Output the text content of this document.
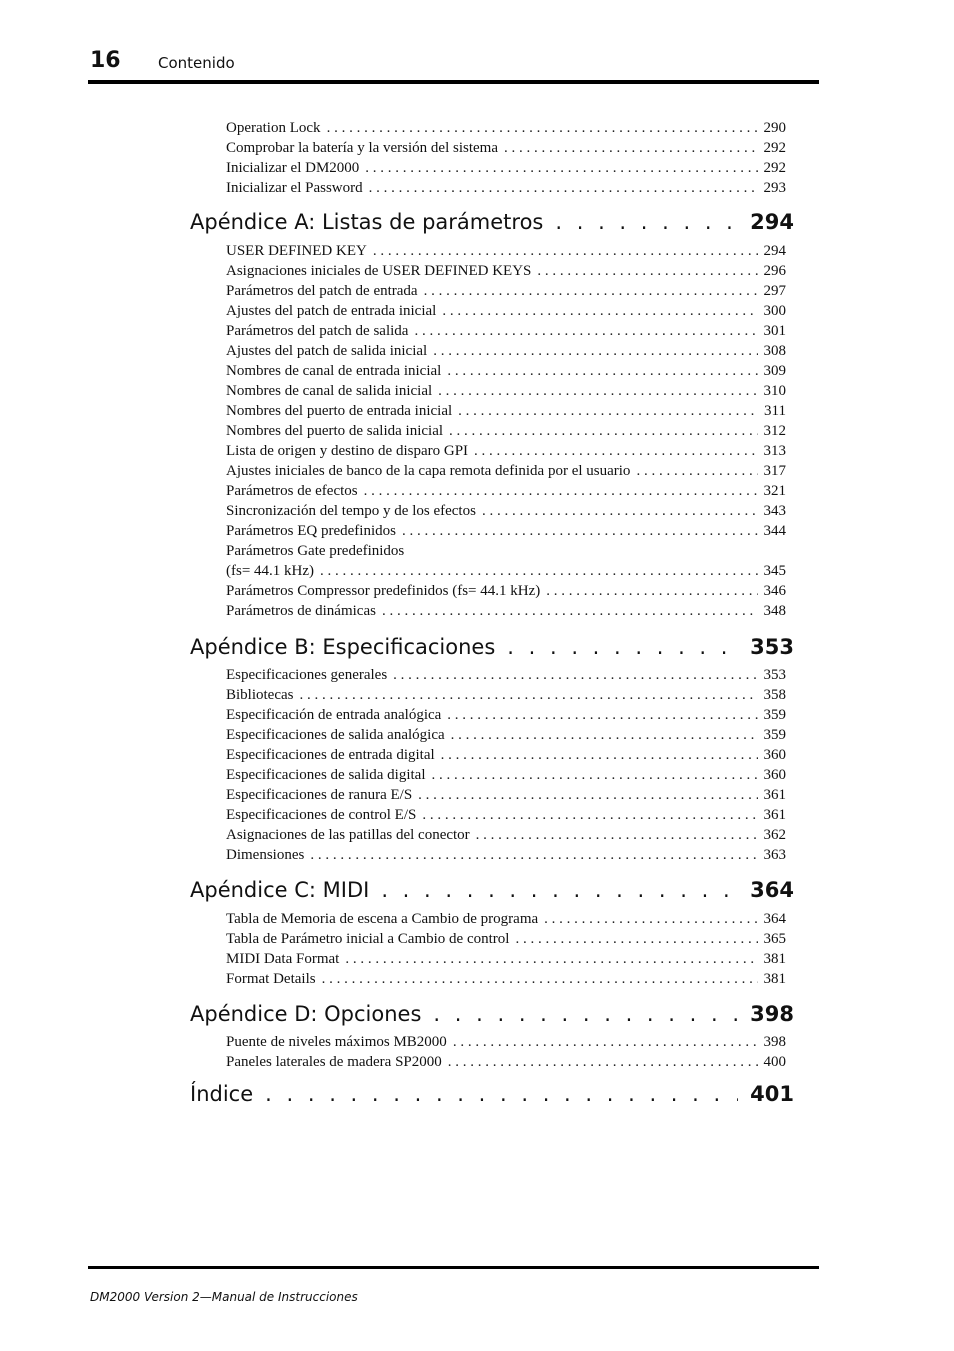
16 Contenido
Operation Lock . . .	290
Comprobar la batería y la versión del sistema . . .	292
Inicializar el DM2000 . . .	292
Inicializar el Password . . .	293
Apéndice A: Listas de parámetros . . .	294
USER DEFINED KEY . . .	294
Asignaciones iniciales de USER DEFINED KEYS . . .	296
Parámetros del patch de entrada . . .	297
Ajustes del patch de entrada inicial . . .	300
Parámetros del patch de salida . . .	301
Ajustes del patch de salida inicial . . .	308
Nombres de canal de entrada inicial . . .	309
Nombres de canal de salida inicial . . .	310
Nombres del puerto de entrada inicial . . .	311
Nombres del puerto de salida inicial . . .	312
Lista de origen y destino de disparo GPI . . .	313
Ajustes iniciales de banco de la capa remota definida por el usuario . . .	317
Parámetros de efectos . . .	321
Sincronización del tempo y de los efectos . . .	343
Parámetros EQ predefinidos . . .	344
Parámetros Gate predefinidos
(fs= 44.1 kHz) . . .	345
Parámetros Compressor predefinidos (fs= 44.1 kHz) . . .	346
Parámetros de dinámicas . . .	348
Apéndice B: Especificaciones . . .	353
Especificaciones generales . . .	353
Bibliotecas . . .	358
Especificación de entrada analógica . . .	359
Especificaciones de salida analógica . . .	359
Especificaciones de entrada digital . . .	360
Especificaciones de salida digital . . .	360
Especificaciones de ranura E/S . . .	361
Especificaciones de control E/S . . .	361
Asignaciones de las patillas del conector . . .	362
Dimensiones . . .	363
Apéndice C: MIDI . . .	364
Tabla de Memoria de escena a Cambio de programa . . .	364
Tabla de Parámetro inicial a Cambio de control . . .	365
MIDI Data Format . . .	381
Format Details . . .	381
Apéndice D: Opciones . . .	398
Puente de niveles máximos MB2000 . . .	398
Paneles laterales de madera SP2000 . . .	400
Índice . . .	401
DM2000 Version 2—Manual de Instrucciones
